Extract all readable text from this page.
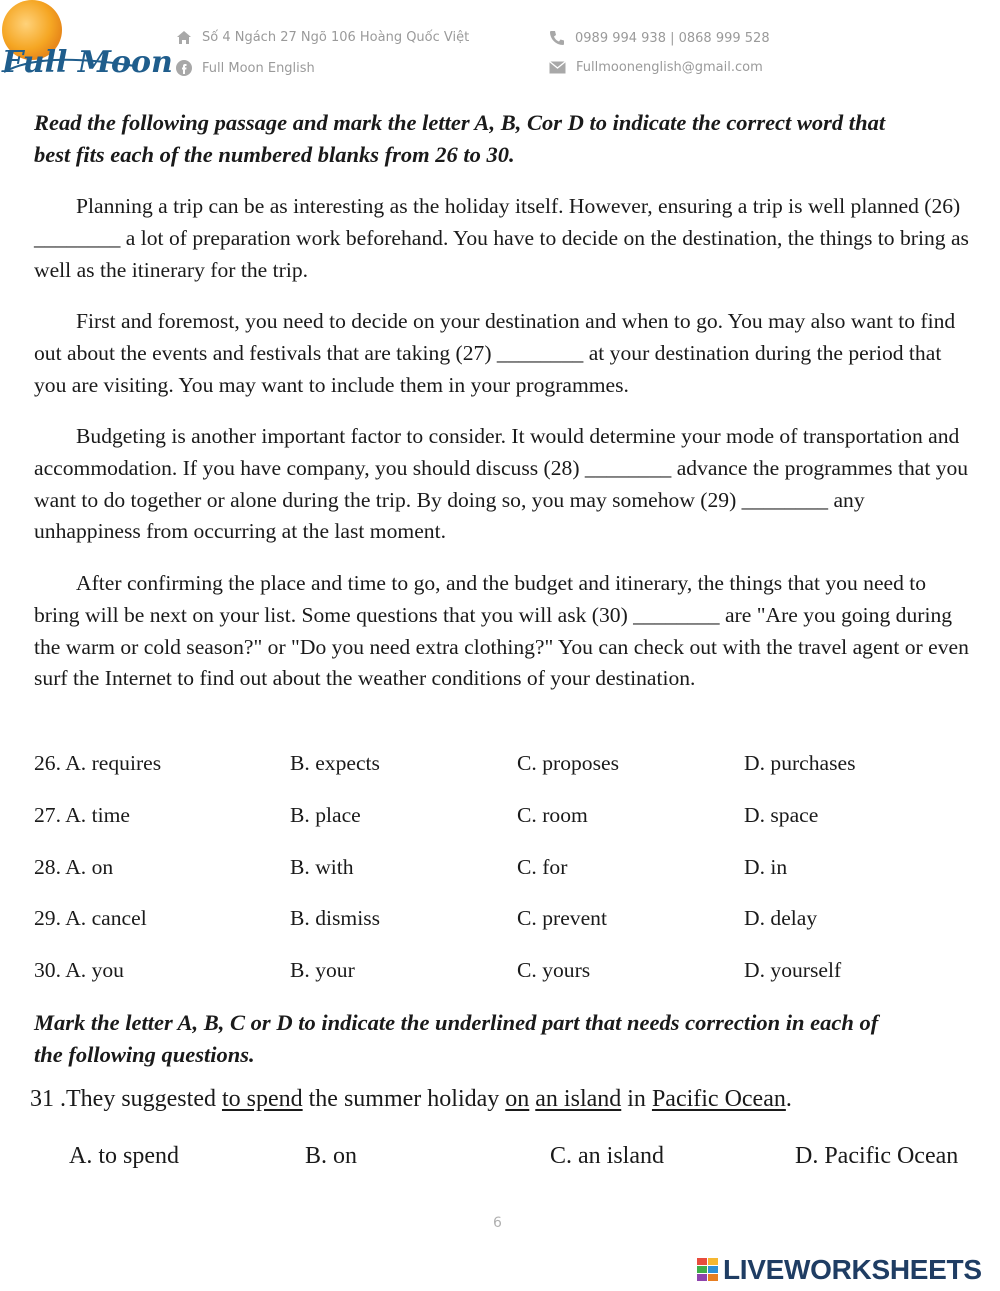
Full Moon
Số 4 Ngách 27 Ngõ 106 Hoàng Quốc Việt	0989 994 938 | 0868 999 528
Full Moon English	Fullmoonenglish@gmail.com
Read the following passage and mark the letter A, B, Cor D to indicate the correct word that
best fits each of the numbered blanks from 26 to 30.

Planning a trip can be as interesting as the holiday itself. However, ensuring a trip is well planned (26) ________ a lot of preparation work beforehand. You have to decide on the destination, the things to bring as well as the itinerary for the trip.

First and foremost, you need to decide on your destination and when to go. You may also want to find out about the events and festivals that are taking (27) ________ at your destination during the period that you are visiting. You may want to include them in your programmes.

Budgeting is another important factor to consider. It would determine your mode of transportation and accommodation. If you have company, you should discuss (28) ________ advance the programmes that you want to do together or alone during the trip. By doing so, you may somehow (29) ________ any unhappiness from occurring at the last moment.

After confirming the place and time to go, and the budget and itinerary, the things that you need to bring will be next on your list. Some questions that you will ask (30) ________ are "Are you going during the warm or cold season?" or "Do you need extra clothing?" You can check out with the travel agent or even surf the Internet to find out about the weather conditions of your destination.

26. A. requires	B. expects	C. proposes	D. purchases
27. A. time	B. place	C. room	D. space
28. A. on	B. with	C. for	D. in
29. A. cancel	B. dismiss	C. prevent	D. delay
30. A. you	B. your	C. yours	D. yourself
Mark the letter A, B, C or D to indicate the underlined part that needs correction in each of
the following questions.
31 .They suggested to spend the summer holiday on an island in Pacific Ocean.
A. to spend	B. on	C. an island	D. Pacific Ocean
6
LIVEWORKSHEETS
